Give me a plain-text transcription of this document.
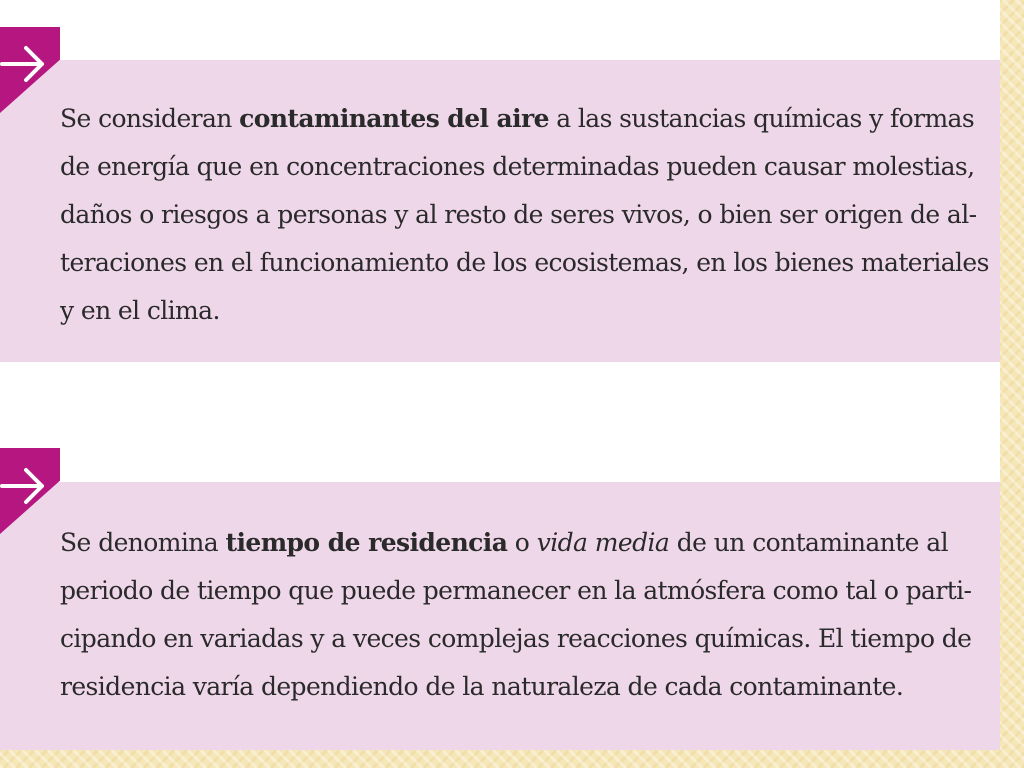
Se consideran contaminantes del aire a las sustancias químicas y formas
de energía que en concentraciones determinadas pueden causar molestias,
daños o riesgos a personas y al resto de seres vivos, o bien ser origen de al-
teraciones en el funcionamiento de los ecosistemas, en los bienes materiales
y en el clima.

Se denomina tiempo de residencia o vida media de un contaminante al
periodo de tiempo que puede permanecer en la atmósfera como tal o parti-
cipando en variadas y a veces complejas reacciones químicas. El tiempo de
residencia varía dependiendo de la naturaleza de cada contaminante.
